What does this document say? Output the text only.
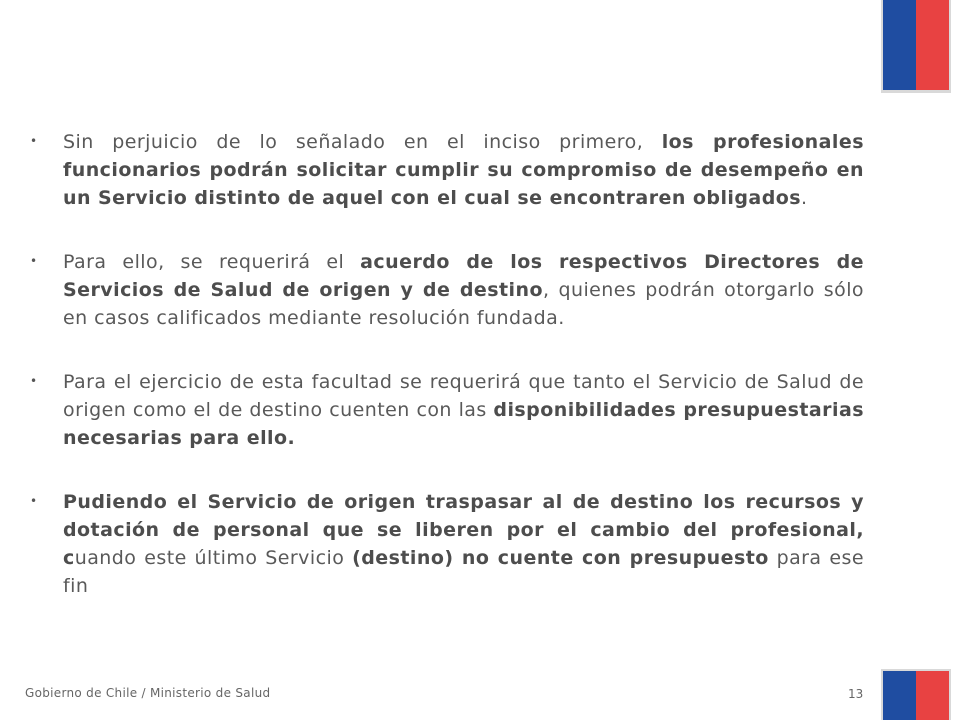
•	Sin perjuicio de lo señalado en el inciso primero, los profesionales funcionarios podrán solicitar cumplir su compromiso de desempeño en un Servicio distinto de aquel con el cual se encontraren obligados.
•	Para ello, se requerirá el acuerdo de los respectivos Directores de Servicios de Salud de origen y de destino, quienes podrán otorgarlo sólo en casos calificados mediante resolución fundada.
•	Para el ejercicio de esta facultad se requerirá que tanto el Servicio de Salud de origen como el de destino cuenten con las disponibilidades presupuestarias necesarias para ello.
•	Pudiendo el Servicio de origen traspasar al de destino los recursos y dotación de personal que se liberen por el cambio del profesional, cuando este último Servicio (destino) no cuente con presupuesto para ese fin
Gobierno de Chile / Ministerio de Salud	13
